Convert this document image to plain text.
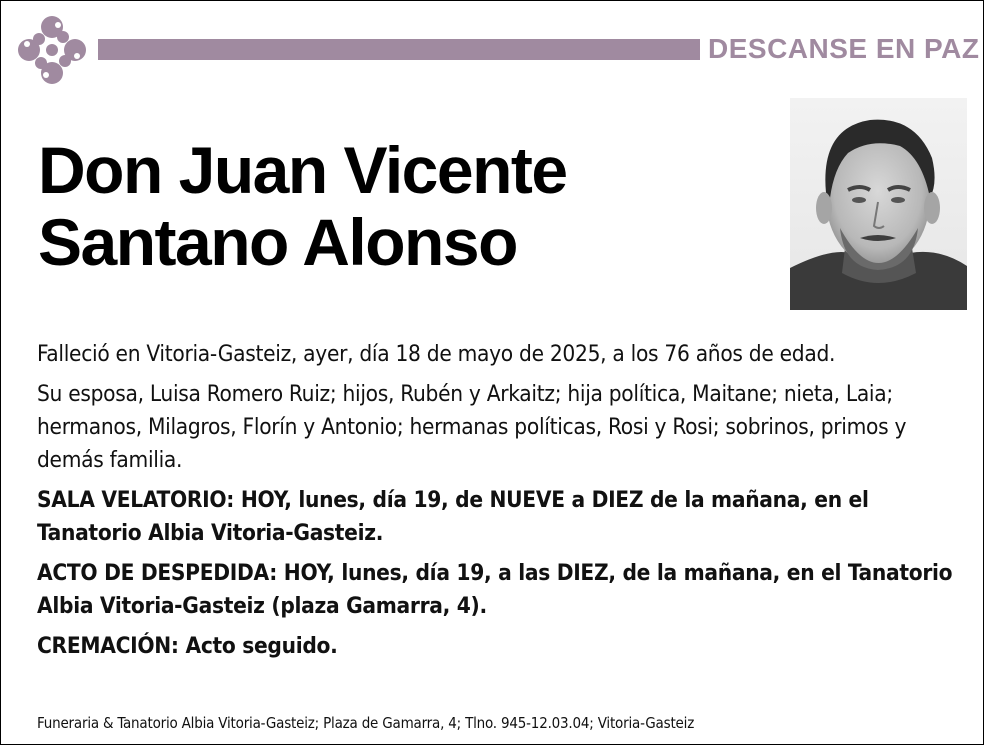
DESCANSE EN PAZ
Don Juan Vicente
Santano Alonso

Falleció en Vitoria-Gasteiz, ayer, día 18 de mayo de 2025, a los 76 años de edad.

Su esposa, Luisa Romero Ruiz; hijos, Rubén y Arkaitz; hija política, Maitane; nieta, Laia; hermanos, Milagros, Florín y Antonio; hermanas políticas, Rosi y Rosi; sobrinos, primos y demás familia.

SALA VELATORIO: HOY, lunes, día 19, de NUEVE a DIEZ de la mañana, en el Tanatorio Albia Vitoria-Gasteiz.

ACTO DE DESPEDIDA: HOY, lunes, día 19, a las DIEZ, de la mañana, en el Tanatorio Albia Vitoria-Gasteiz (plaza Gamarra, 4).

CREMACIÓN: Acto seguido.

Funeraria & Tanatorio Albia Vitoria-Gasteiz; Plaza de Gamarra, 4; Tlno. 945-12.03.04; Vitoria-Gasteiz
